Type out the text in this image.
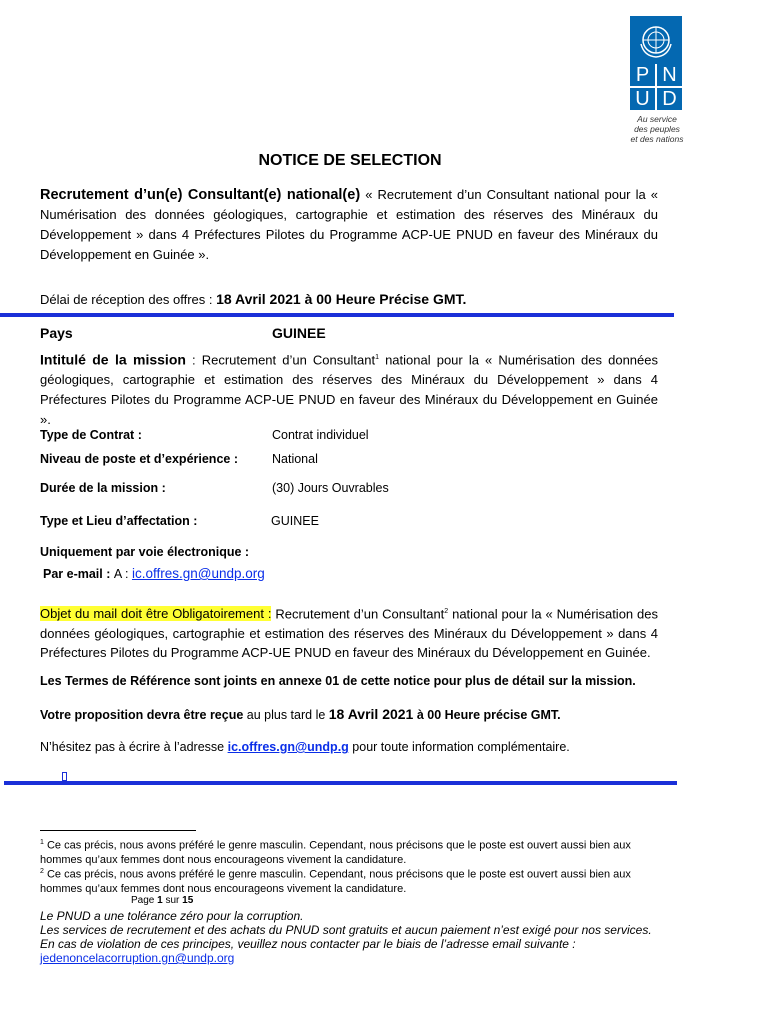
P N
U D
Au service
des peuples
et des nations
NOTICE DE SELECTION
Recrutement d’un(e) Consultant(e) national(e) « Recrutement d’un Consultant national pour la « Numérisation des données géologiques, cartographie et estimation des réserves des Minéraux du Développement » dans 4 Préfectures Pilotes du Programme ACP-UE PNUD en faveur des Minéraux du Développement en Guinée ».
Délai de réception des offres : 18 Avril 2021 à 00 Heure Précise GMT.
Pays	GUINEE
Intitulé de la mission : Recrutement d’un Consultant$^1$ national pour la « Numérisation des données géologiques, cartographie et estimation des réserves des Minéraux du Développement » dans 4 Préfectures Pilotes du Programme ACP-UE PNUD en faveur des Minéraux du Développement en Guinée ».
Type de Contrat :	Contrat individuel
Niveau de poste et d’expérience :	National
Durée de la mission :	(30) Jours Ouvrables
Type et Lieu d’affectation :	GUINEE
Uniquement par voie électronique :
Par e-mail : A : ic.offres.gn@undp.org
Objet du mail doit être Obligatoirement : Recrutement d’un Consultant$^2$ national pour la « Numérisation des données géologiques, cartographie et estimation des réserves des Minéraux du Développement » dans 4 Préfectures Pilotes du Programme ACP-UE PNUD en faveur des Minéraux du Développement en Guinée.
Les Termes de Référence sont joints en annexe 01 de cette notice pour plus de détail sur la mission.
Votre proposition devra être reçue au plus tard le 18 Avril 2021 à 00 Heure précise GMT.
N’hésitez pas à écrire à l’adresse ic.offres.gn@undp.g pour toute information complémentaire.
$^1$ Ce cas précis, nous avons préféré le genre masculin. Cependant, nous précisons que le poste est ouvert aussi bien aux hommes qu’aux femmes dont nous encourageons vivement la candidature.
$^2$ Ce cas précis, nous avons préféré le genre masculin. Cependant, nous précisons que le poste est ouvert aussi bien aux hommes qu’aux femmes dont nous encourageons vivement la candidature.
Page 1 sur 15
Le PNUD a une tolérance zéro pour la corruption.
Les services de recrutement et des achats du PNUD sont gratuits et aucun paiement n’est exigé pour nos services.
En cas de violation de ces principes, veuillez nous contacter par le biais de l’adresse email suivante :
jedenoncelacorruption.gn@undp.org
